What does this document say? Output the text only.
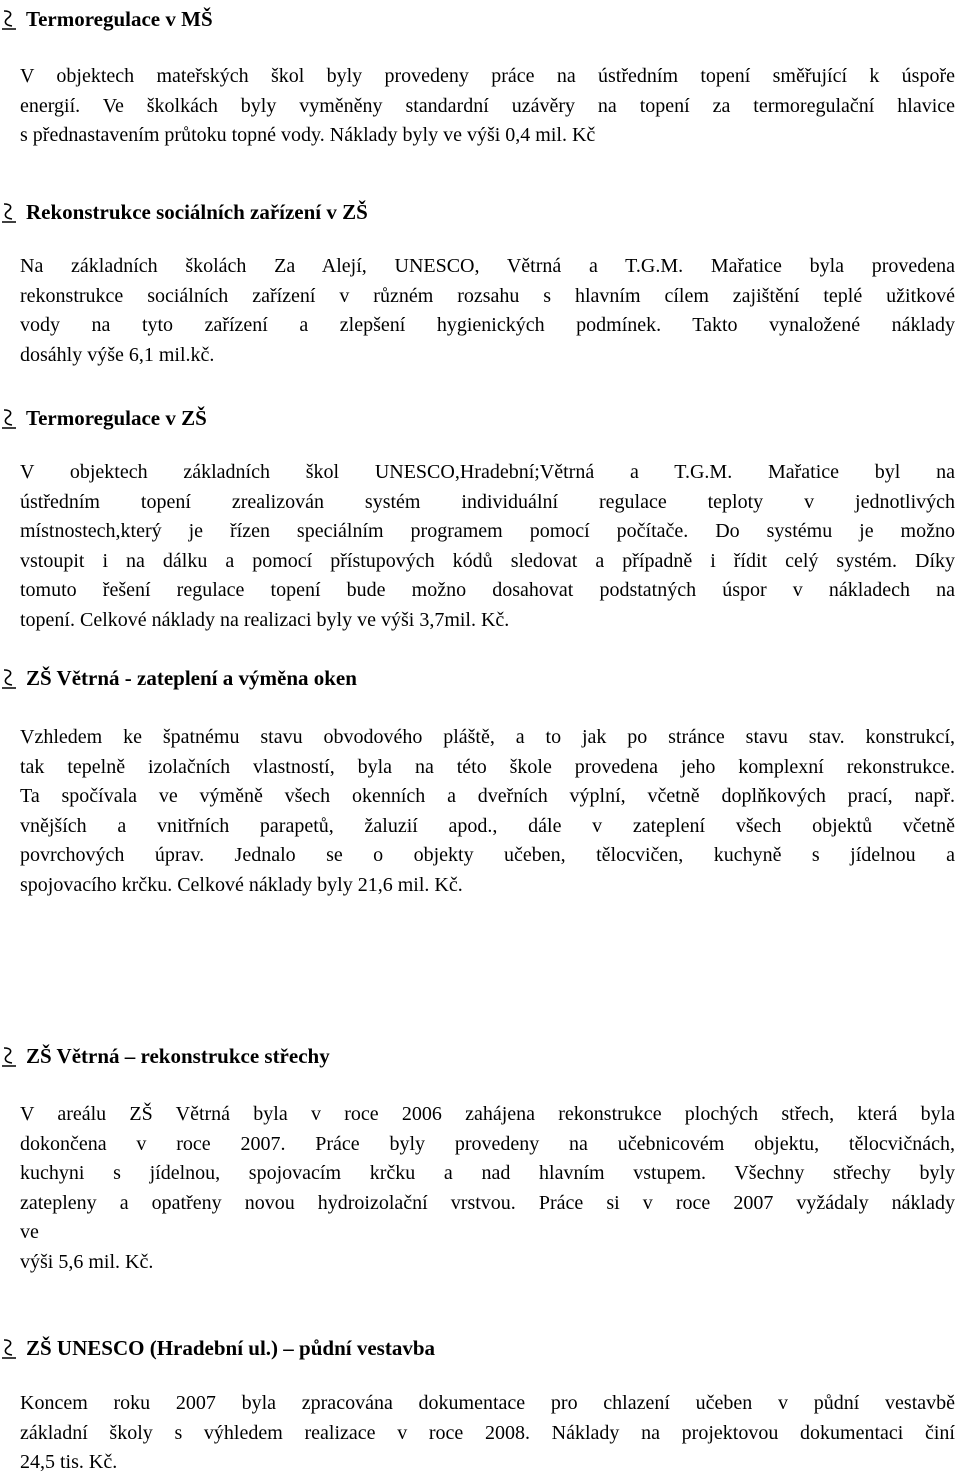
Termoregulace v MŠ
V objektech mateřských škol byly provedeny práce na ústředním topení směřující k úspoře
energií. Ve školkách byly vyměněny standardní uzávěry na topení za termoregulační hlavice
s přednastavením průtoku topné vody. Náklady byly ve výši 0,4 mil. Kč
Rekonstrukce sociálních zařízení v ZŠ
Na základních školách Za Alejí, UNESCO, Větrná a T.G.M. Mařatice byla provedena
rekonstrukce sociálních zařízení v různém rozsahu s hlavním cílem zajištění teplé užitkové
vody na tyto zařízení a zlepšení hygienických podmínek. Takto vynaložené náklady
dosáhly výše 6,1 mil.kč.
Termoregulace v ZŠ
V objektech základních škol UNESCO,Hradební;Větrná a T.G.M. Mařatice byl na
ústředním topení zrealizován systém individuální regulace teploty v jednotlivých
místnostech,který je řízen speciálním programem pomocí počítače. Do systému je možno
vstoupit i na dálku a pomocí přístupových kódů sledovat a případně i řídit celý systém. Díky
tomuto řešení regulace topení bude možno dosahovat podstatných úspor v nákladech na
topení. Celkové náklady na realizaci byly ve výši 3,7mil. Kč.
ZŠ Větrná - zateplení a výměna oken
Vzhledem ke špatnému stavu obvodového pláště, a to jak po stránce stavu stav. konstrukcí,
tak tepelně izolačních vlastností, byla na této škole provedena jeho komplexní rekonstrukce.
Ta spočívala ve výměně všech okenních a dveřních výplní, včetně doplňkových prací, např.
vnějších a vnitřních parapetů, žaluzií apod., dále v zateplení všech objektů včetně
povrchových úprav. Jednalo se o objekty učeben, tělocvičen, kuchyně s jídelnou a
spojovacího krčku. Celkové náklady byly 21,6 mil. Kč.
ZŠ Větrná – rekonstrukce střechy
V areálu ZŠ Větrná byla v roce 2006 zahájena rekonstrukce plochých střech, která byla
dokončena v roce 2007. Práce byly provedeny na učebnicovém objektu, tělocvičnách,
kuchyni s jídelnou, spojovacím krčku a nad hlavním vstupem. Všechny střechy byly
zatepleny a opatřeny novou hydroizolační vrstvou. Práce si v roce 2007 vyžádaly náklady
ve
výši 5,6 mil. Kč.
ZŠ UNESCO (Hradební ul.) – půdní vestavba
Koncem roku 2007 byla zpracována dokumentace pro chlazení učeben v půdní vestavbě
základní školy s výhledem realizace v roce 2008. Náklady na projektovou dokumentaci činí
24,5 tis. Kč.
